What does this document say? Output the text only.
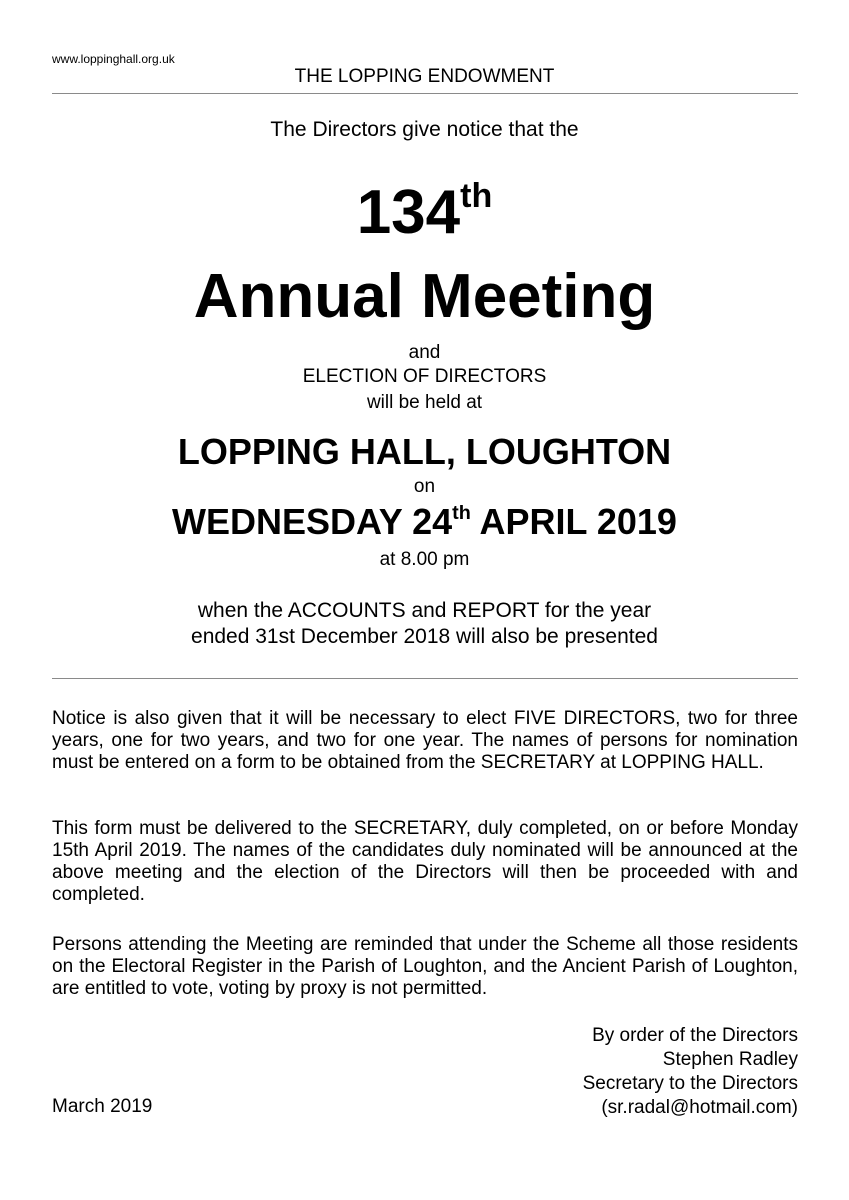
www.loppinghall.org.uk
THE LOPPING ENDOWMENT
The Directors give notice that the
134th
Annual Meeting
and
ELECTION OF DIRECTORS
will be held at
LOPPING HALL, LOUGHTON
on
WEDNESDAY 24th APRIL 2019
at 8.00 pm
when the ACCOUNTS and REPORT for the year
ended 31st December 2018 will also be presented
Notice is also given that it will be necessary to elect FIVE DIRECTORS, two for three years, one for two years, and two for one year. The names of persons for nomination must be entered on a form to be obtained from the SECRETARY at LOPPING HALL.
This form must be delivered to the SECRETARY, duly completed, on or before Monday 15th April 2019. The names of the candidates duly nominated will be announced at the above meeting and the election of the Directors will then be proceeded with and completed.
Persons attending the Meeting are reminded that under the Scheme all those residents on the Electoral Register in the Parish of Loughton, and the Ancient Parish of Loughton, are entitled to vote, voting by proxy is not permitted.
By order of the Directors
Stephen Radley
Secretary to the Directors
(sr.radal@hotmail.com)
March 2019
